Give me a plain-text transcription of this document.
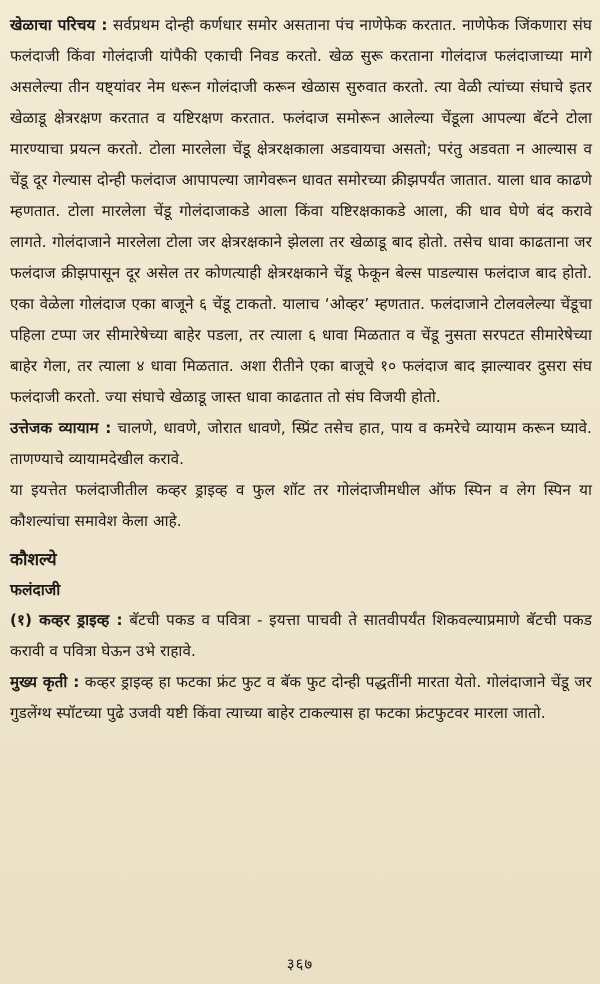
खेळाचा परिचय : सर्वप्रथम दोन्ही कर्णधार समोर असताना पंच नाणेफेक करतात. नाणेफेक जिंकणारा संघ फलंदाजी किंवा गोलंदाजी यांपैकी एकाची निवड करतो. खेळ सुरू करताना गोलंदाज फलंदाजाच्या मागे असलेल्या तीन यष्ट्यांवर नेम धरून गोलंदाजी करून खेळास सुरुवात करतो. त्या वेळी त्यांच्या संघाचे इतर खेळाडू क्षेत्ररक्षण करतात व यष्टिरक्षण करतात. फलंदाज समोरून आलेल्या चेंडूला आपल्या बॅटने टोला मारण्याचा प्रयत्न करतो. टोला मारलेला चेंडू क्षेत्ररक्षकाला अडवायचा असतो; परंतु अडवता न आल्यास व चेंडू दूर गेल्यास दोन्ही फलंदाज आपापल्या जागेवरून धावत समोरच्या क्रीझपर्यंत जातात. याला धाव काढणे म्हणतात. टोला मारलेला चेंडू गोलंदाजाकडे आला किंवा यष्टिरक्षकाकडे आला, की धाव घेणे बंद करावे लागते. गोलंदाजाने मारलेला टोला जर क्षेत्ररक्षकाने झेलला तर खेळाडू बाद होतो. तसेच धावा काढताना जर फलंदाज क्रीझपासून दूर असेल तर कोणत्याही क्षेत्ररक्षकाने चेंडू फेकून बेल्स पाडल्यास फलंदाज बाद होतो. एका वेळेला गोलंदाज एका बाजूने ६ चेंडू टाकतो. यालाच ‘ओव्हर’ म्हणतात. फलंदाजाने टोलवलेल्या चेंडूचा पहिला टप्पा जर सीमारेषेच्या बाहेर पडला, तर त्याला ६ धावा मिळतात व चेंडू नुसता सरपटत सीमारेषेच्या बाहेर गेला, तर त्याला ४ धावा मिळतात. अशा रीतीने एका बाजूचे १० फलंदाज बाद झाल्यावर दुसरा संघ फलंदाजी करतो. ज्या संघाचे खेळाडू जास्त धावा काढतात तो संघ विजयी होतो.

उत्तेजक व्यायाम : चालणे, धावणे, जोरात धावणे, स्प्रिंट तसेच हात, पाय व कमरेचे व्यायाम करून घ्यावे. ताणण्याचे व्यायामदेखील करावे.

या इयत्तेत फलंदाजीतील कव्हर ड्राइव्ह व फुल शॉट तर गोलंदाजीमधील ऑफ स्पिन व लेग स्पिन या कौशल्यांचा समावेश केला आहे.

कौशल्ये
फलंदाजी

(१) कव्हर ड्राइव्ह : बॅटची पकड व पवित्रा - इयत्ता पाचवी ते सातवीपर्यंत शिकवल्याप्रमाणे बॅटची पकड करावी व पवित्रा घेऊन उभे राहावे.

मुख्य कृती : कव्हर ड्राइव्ह हा फटका फ्रंट फुट व बॅक फुट दोन्ही पद्धतींनी मारता येतो. गोलंदाजाने चेंडू जर गुडलेंग्थ स्पॉटच्या पुढे उजवी यष्टी किंवा त्याच्या बाहेर टाकल्यास हा फटका फ्रंटफुटवर मारला जातो.

३६७
